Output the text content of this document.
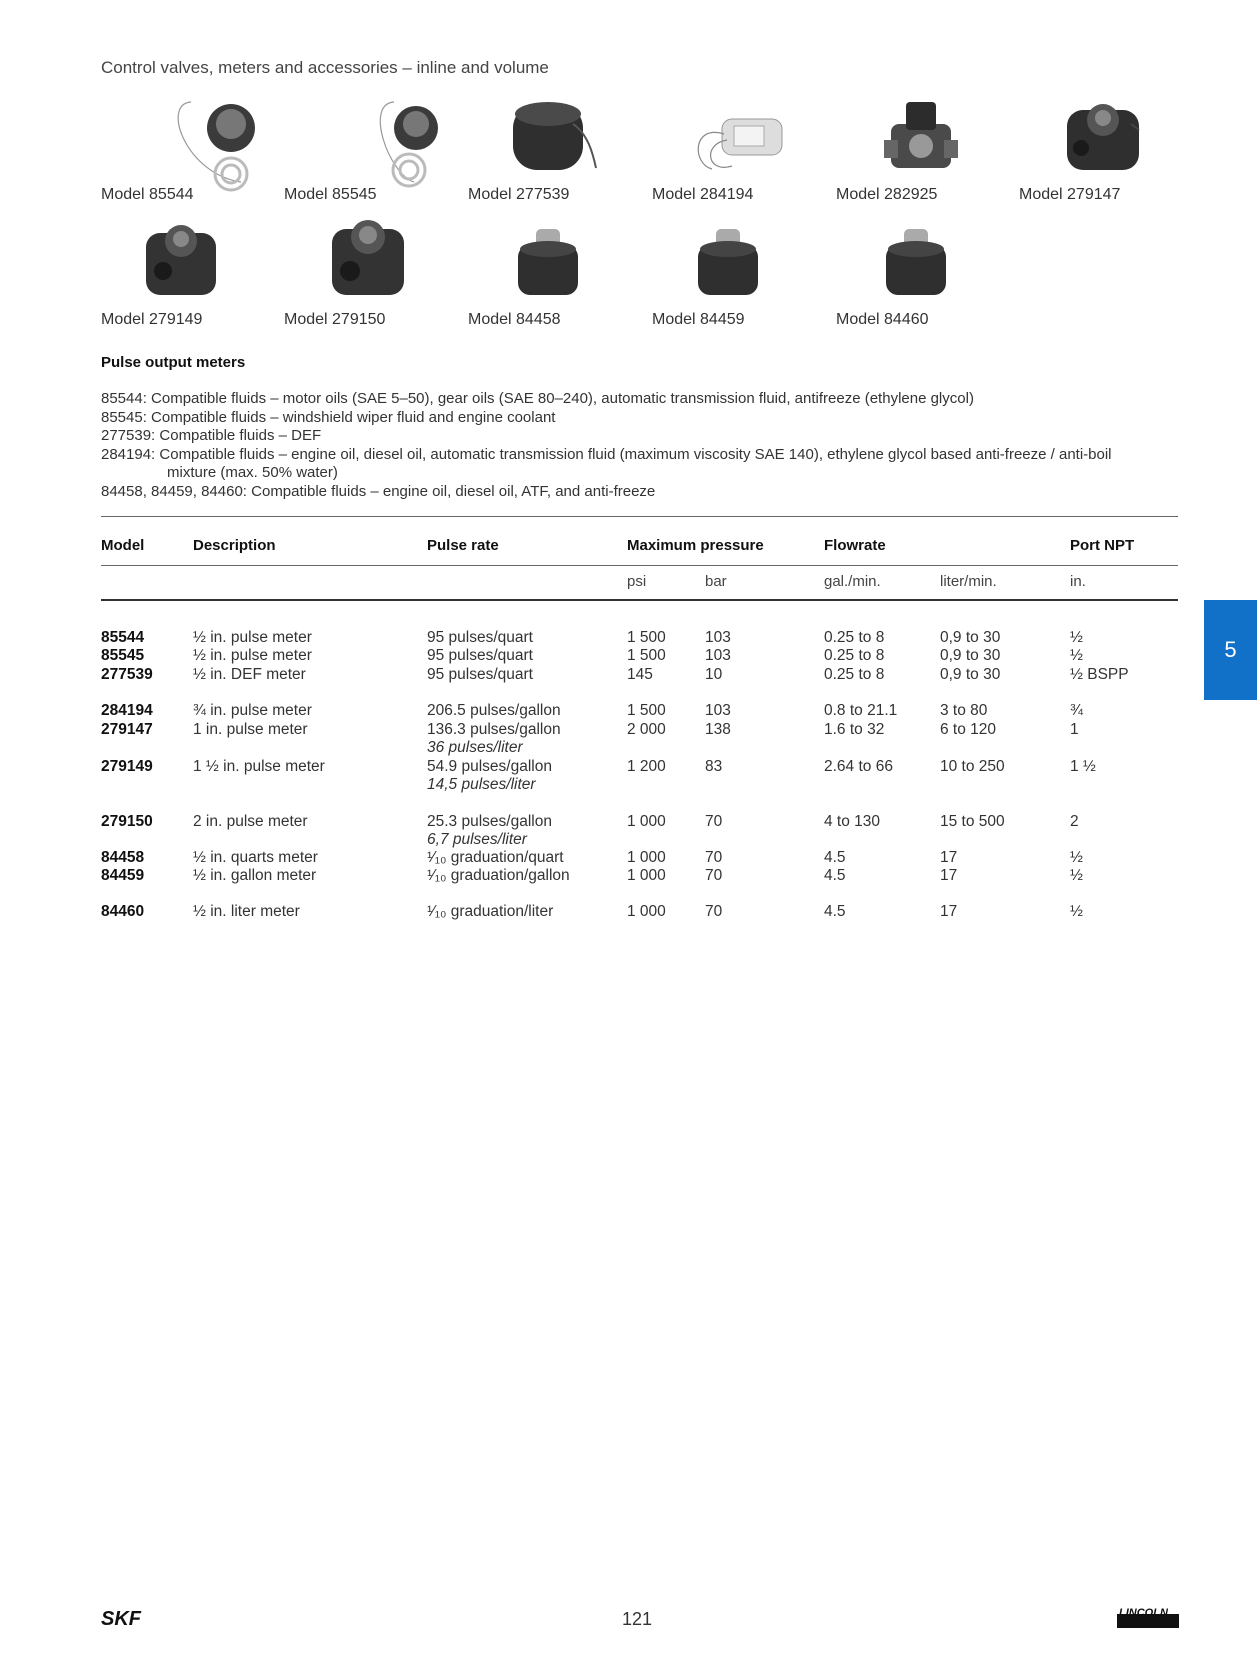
Control valves, meters and accessories – inline and volume
Model 85544	Model 85545	Model 277539	Model 284194	Model 282925	Model 279147
Model 279149	Model 279150	Model 84458	Model 84459	Model 84460
Pulse output meters
85544: Compatible fluids – motor oils (SAE 5–50), gear oils (SAE 80–240), automatic transmission fluid, antifreeze (ethylene glycol)
85545: Compatible fluids – windshield wiper fluid and engine coolant
277539: Compatible fluids – DEF
284194: Compatible fluids – engine oil, diesel oil, automatic transmission fluid (maximum viscosity SAE 140), ethylene glycol based anti-freeze / anti-boil
mixture (max. 50% water)
84458, 84459, 84460: Compatible fluids – engine oil, diesel oil, ATF, and anti-freeze
Model	Description	Pulse rate	Maximum pressure	Flowrate	Port NPT
psi	bar	gal./min.	liter/min.	in.
85544	½ in. pulse meter	95 pulses/quart	1 500	103	0.25 to 8	0,9 to 30	½
85545	½ in. pulse meter	95 pulses/quart	1 500	103	0.25 to 8	0,9 to 30	½
277539	½ in. DEF meter	95 pulses/quart	145	10	0.25 to 8	0,9 to 30	½ BSPP
284194	¾ in. pulse meter	206.5 pulses/gallon	1 500	103	0.8 to 21.1	3 to 80	¾
279147	1 in. pulse meter	136.3 pulses/gallon	2 000	138	1.6 to 32	6 to 120	1
36 pulses/liter
279149	1 ½ in. pulse meter	54.9 pulses/gallon	1 200	83	2.64 to 66	10 to 250	1 ½
14,5 pulses/liter
279150	2 in. pulse meter	25.3 pulses/gallon	1 000	70	4 to 130	15 to 500	2
6,7 pulses/liter
84458	½ in. quarts meter	¹⁄₁₀ graduation/quart	1 000	70	4.5	17	½
84459	½ in. gallon meter	¹⁄₁₀ graduation/gallon	1 000	70	4.5	17	½
84460	½ in. liter meter	¹⁄₁₀ graduation/liter	1 000	70	4.5	17	½
5
SKF	121	LINCOLN
